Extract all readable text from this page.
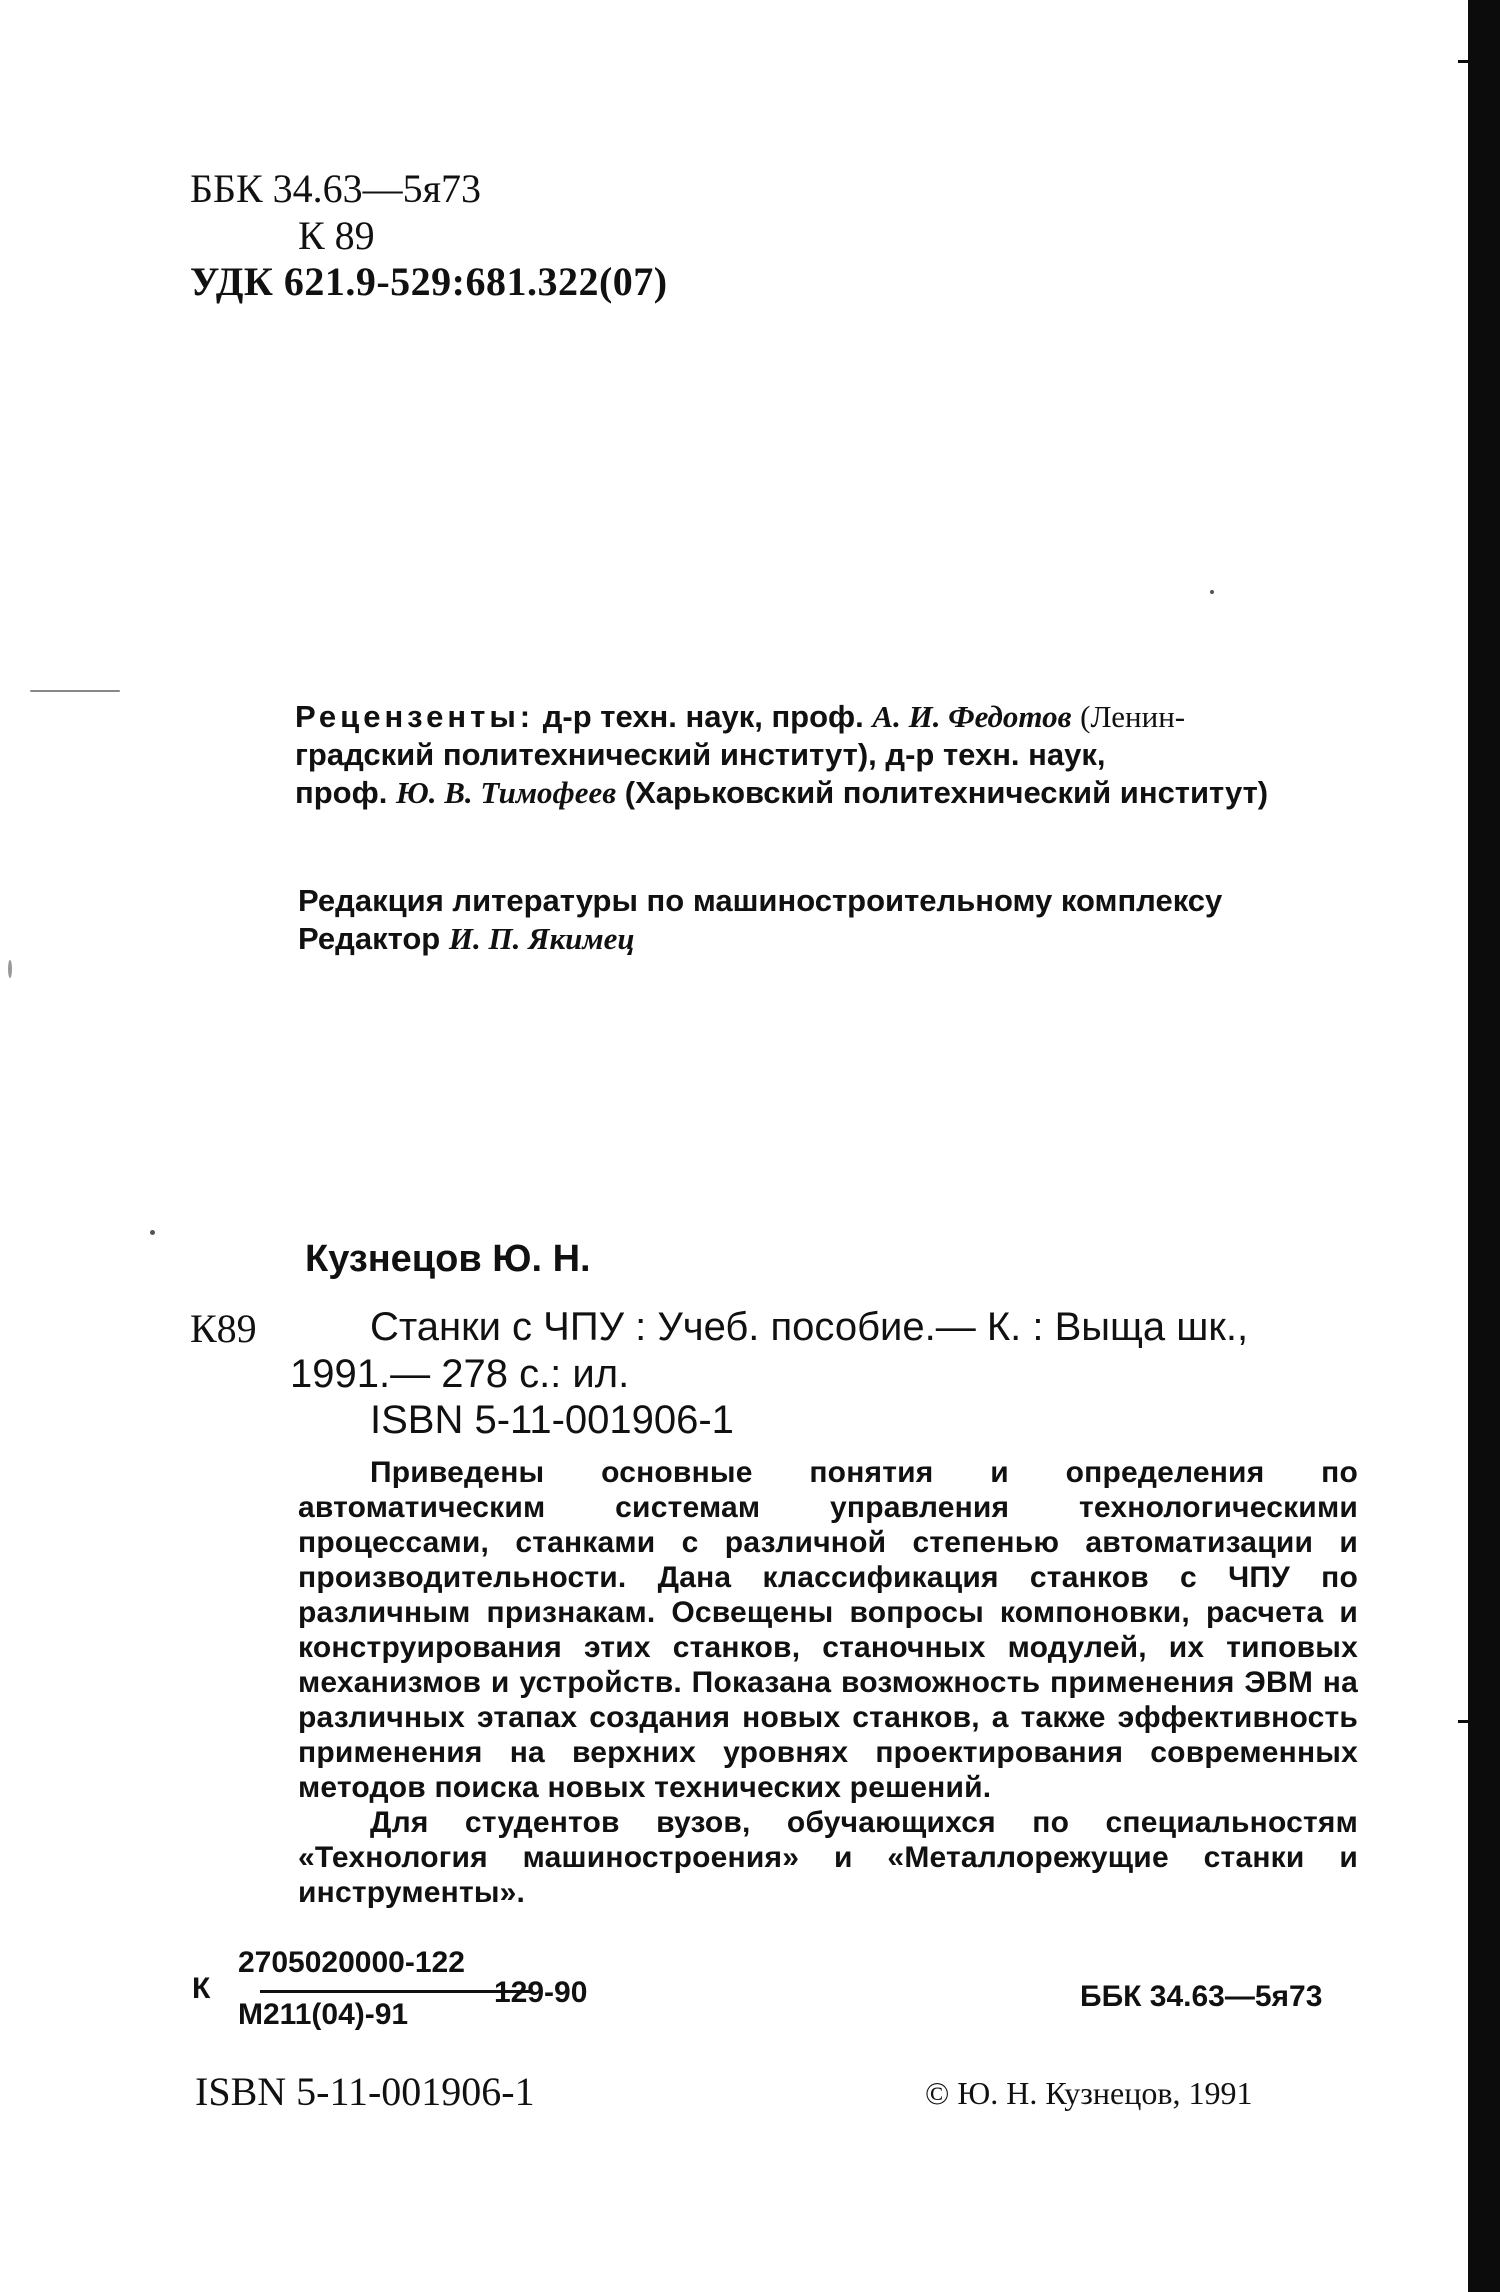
ББК 34.63—5я73
К 89
УДК 621.9-529:681.322(07)
Рецензенты: д-р техн. наук, проф. А. И. Федотов (Ленин-
градский политехнический институт), д-р техн. наук,
проф. Ю. В. Тимофеев (Харьковский политехнический институт)
Редакция литературы по машиностроительному комплексу
Редактор И. П. Якимец
Кузнецов Ю. Н.
К89	Станки с ЧПУ : Учеб. пособие.— К. : Выща шк.,
1991.— 278 с.: ил.
ISBN 5-11-001906-1

Приведены основные понятия и определения по автоматическим системам управления технологическими процессами, станками с различной степенью автоматизации и производительности. Дана классификация станков с ЧПУ по различным признакам. Освещены вопросы компоновки, расчета и конструирования этих станков, станочных модулей, их типовых механизмов и устройств. Показана возможность применения ЭВМ на различных этапах создания новых станков, а также эффективность применения на верхних уровнях проектирования современных методов поиска новых технических решений.

Для студентов вузов, обучающихся по специальностям «Технология машиностроения» и «Металлорежущие станки и инструменты».

К
2705020000-122
М211(04)-91
129-90	ББК 34.63—5я73
ISBN 5-11-001906-1	© Ю. Н. Кузнецов, 1991
